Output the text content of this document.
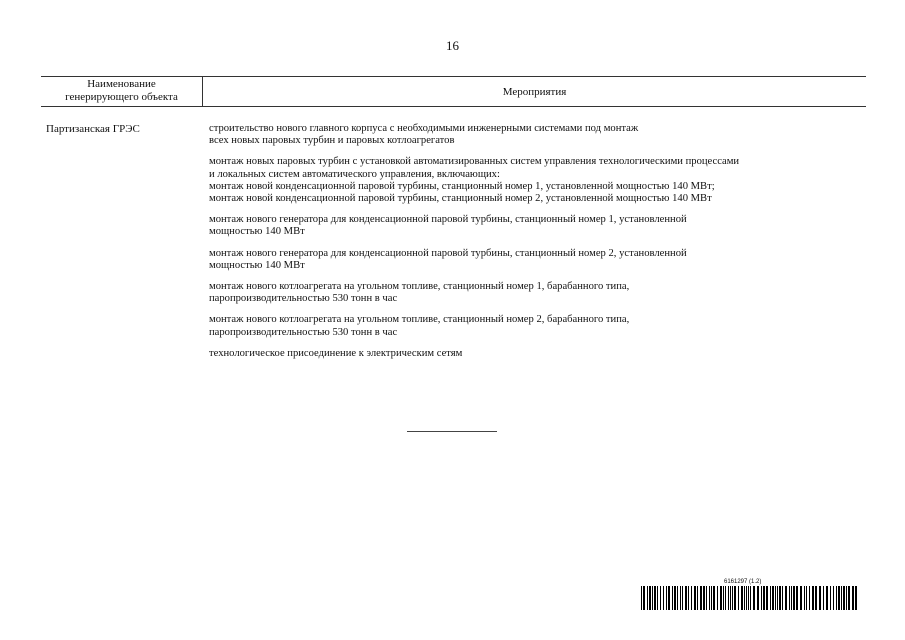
16
Наименование
генерирующего объекта	Мероприятия
Партизанская ГРЭС	строительство нового главного корпуса с необходимыми инженерными системами под монтаж
всех новых паровых турбин и паровых котлоагрегатов
монтаж новых паровых турбин с установкой автоматизированных систем управления технологическими процессами
и локальных систем автоматического управления, включающих:
монтаж новой конденсационной паровой турбины, станционный номер 1, установленной мощностью 140 МВт;
монтаж новой конденсационной паровой турбины, станционный номер 2, установленной мощностью 140 МВт
монтаж нового генератора для конденсационной паровой турбины, станционный номер 1, установленной
мощностью 140 МВт
монтаж нового генератора для конденсационной паровой турбины, станционный номер 2, установленной
мощностью 140 МВт
монтаж нового котлоагрегата на угольном топливе, станционный номер 1, барабанного типа,
паропроизводительностью 530 тонн в час
монтаж нового котлоагрегата на угольном топливе, станционный номер 2, барабанного типа,
паропроизводительностью 530 тонн в час
технологическое присоединение к электрическим сетям
6161297 (1.2)
